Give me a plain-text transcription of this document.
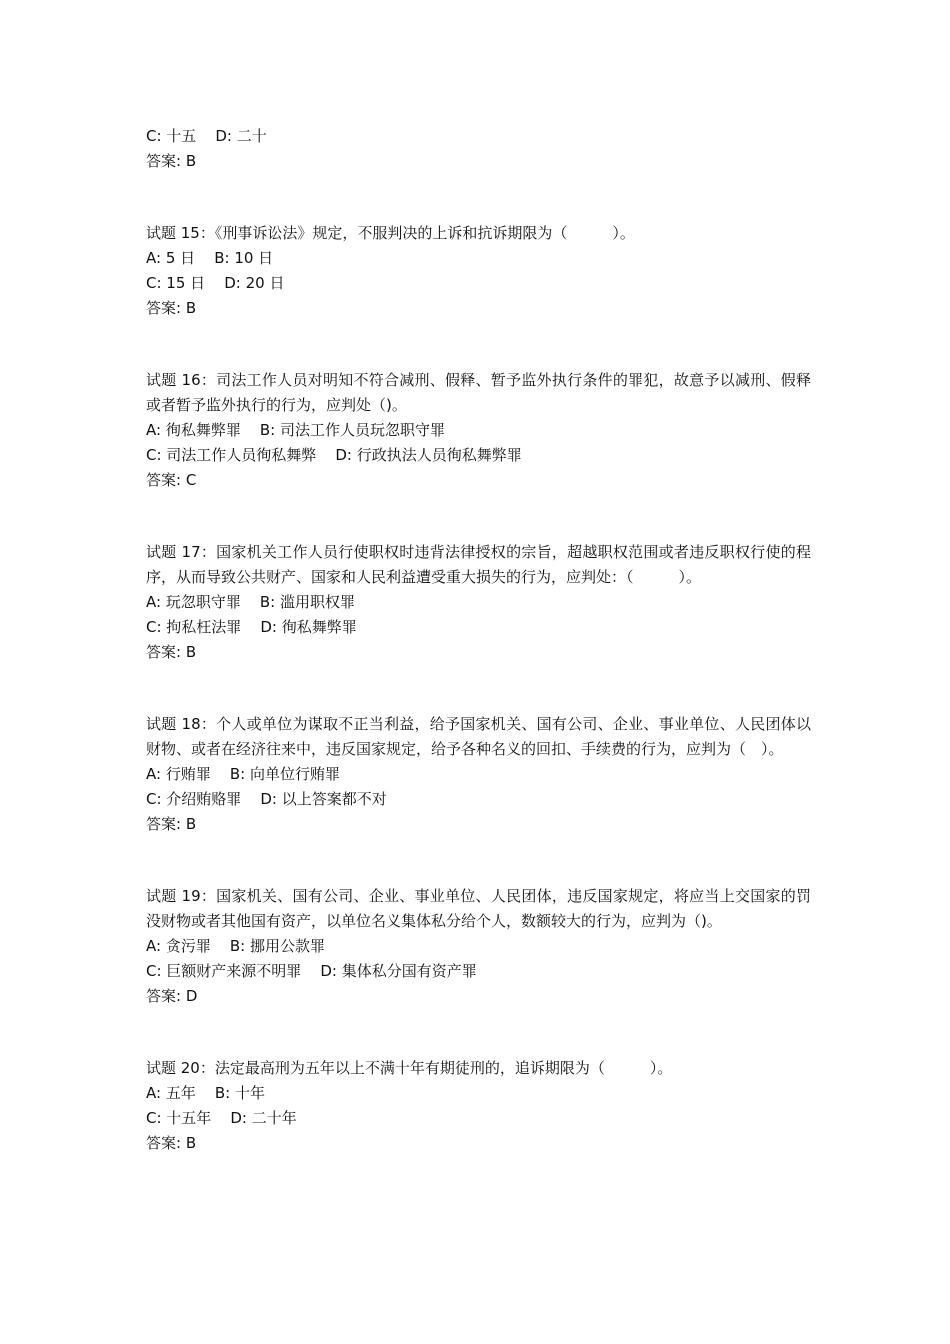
C: 十五    D: 二十

答案: B

试题 15：《刑事诉讼法》规定，不服判决的上诉和抗诉期限为（　　　）。

A: 5 日    B: 10 日

C: 15 日    D: 20 日

答案: B

试题 16：司法工作人员对明知不符合减刑、假释、暂予监外执行条件的罪犯，故意予以减刑、假释或者暂予监外执行的行为，应判处（)。

A: 徇私舞弊罪    B: 司法工作人员玩忽职守罪

C: 司法工作人员徇私舞弊    D: 行政执法人员徇私舞弊罪

答案: C

试题 17：国家机关工作人员行使职权时违背法律授权的宗旨，超越职权范围或者违反职权行使的程序，从而导致公共财产、国家和人民利益遭受重大损失的行为，应判处：（　　　）。

A: 玩忽职守罪    B: 滥用职权罪

C: 拘私枉法罪    D: 徇私舞弊罪

答案: B

试题 18：个人或单位为谋取不正当利益，给予国家机关、国有公司、企业、事业单位、人民团体以财物、或者在经济往来中，违反国家规定，给予各种名义的回扣、手续费的行为，应判为（　）。

A: 行贿罪    B: 向单位行贿罪

C: 介绍贿赂罪    D: 以上答案都不对

答案: B

试题 19：国家机关、国有公司、企业、事业单位、人民团体，违反国家规定，将应当上交国家的罚没财物或者其他国有资产，以单位名义集体私分给个人，数额较大的行为，应判为（)。

A: 贪污罪    B: 挪用公款罪

C: 巨额财产来源不明罪    D: 集体私分国有资产罪

答案: D

试题 20：法定最高刑为五年以上不满十年有期徒刑的，追诉期限为（　　　）。

A: 五年    B: 十年

C: 十五年    D: 二十年

答案: B
